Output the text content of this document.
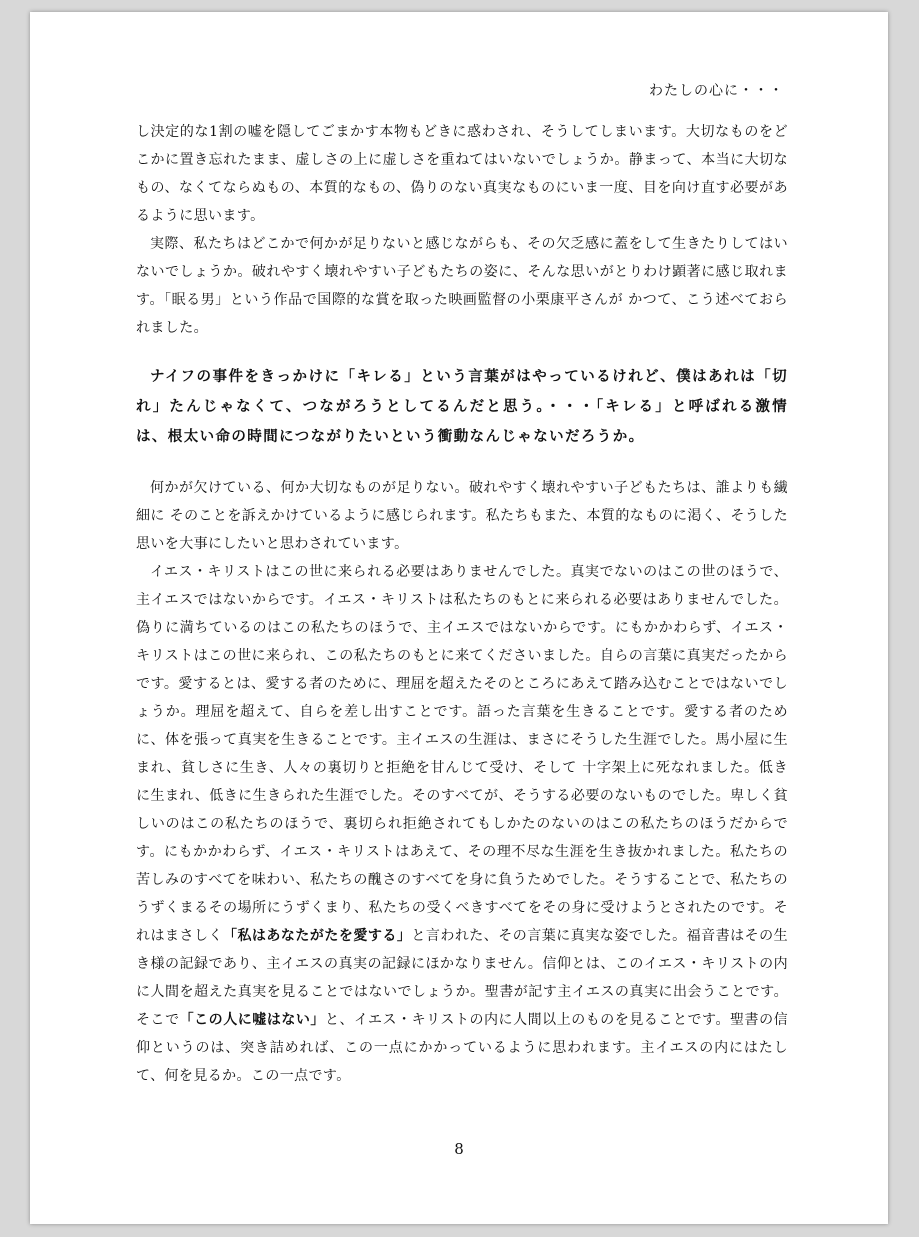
わたしの心に・・・

し決定的な1割の嘘を隠してごまかす本物もどきに惑わされ、そうしてしまいます。大切なものをどこかに置き忘れたまま、虚しさの上に虚しさを重ねてはいないでしょうか。静まって、本当に大切なもの、なくてならぬもの、本質的なもの、偽りのない真実なものにいま一度、目を向け直す必要があるように思います。

実際、私たちはどこかで何かが足りないと感じながらも、その欠乏感に蓋をして生きたりしてはいないでしょうか。破れやすく壊れやすい子どもたちの姿に、そんな思いがとりわけ顕著に感じ取れます。「眠る男」という作品で国際的な賞を取った映画監督の小栗康平さんが かつて、こう述べておられました。

ナイフの事件をきっかけに「キレる」という言葉がはやっているけれど、僕はあれは「切れ」たんじゃなくて、つながろうとしてるんだと思う。・・・「キレる」と呼ばれる激情は、根太い命の時間につながりたいという衝動なんじゃないだろうか。

何かが欠けている、何か大切なものが足りない。破れやすく壊れやすい子どもたちは、誰よりも繊細に そのことを訴えかけているように感じられます。私たちもまた、本質的なものに渇く、そうした思いを大事にしたいと思わされています。

イエス・キリストはこの世に来られる必要はありませんでした。真実でないのはこの世のほうで、主イエスではないからです。イエス・キリストは私たちのもとに来られる必要はありませんでした。偽りに満ちているのはこの私たちのほうで、主イエスではないからです。にもかかわらず、イエス・キリストはこの世に来られ、この私たちのもとに来てくださいました。自らの言葉に真実だったからです。愛するとは、愛する者のために、理屈を超えたそのところにあえて踏み込むことではないでしょうか。理屈を超えて、自らを差し出すことです。語った言葉を生きることです。愛する者のために、体を張って真実を生きることです。主イエスの生涯は、まさにそうした生涯でした。馬小屋に生まれ、貧しさに生き、人々の裏切りと拒絶を甘んじて受け、そして 十字架上に死なれました。低きに生まれ、低きに生きられた生涯でした。そのすべてが、そうする必要のないものでした。卑しく貧しいのはこの私たちのほうで、裏切られ拒絶されてもしかたのないのはこの私たちのほうだからです。にもかかわらず、イエス・キリストはあえて、その理不尽な生涯を生き抜かれました。私たちの苦しみのすべてを味わい、私たちの醜さのすべてを身に負うためでした。そうすることで、私たちのうずくまるその場所にうずくまり、私たちの受くべきすべてをその身に受けようとされたのです。それはまさしく「私はあなたがたを愛する」と言われた、その言葉に真実な姿でした。福音書はその生き様の記録であり、主イエスの真実の記録にほかなりません。信仰とは、このイエス・キリストの内に人間を超えた真実を見ることではないでしょうか。聖書が記す主イエスの真実に出会うことです。そこで「この人に嘘はない」と、イエス・キリストの内に人間以上のものを見ることです。聖書の信仰というのは、突き詰めれば、この一点にかかっているように思われます。主イエスの内にはたして、何を見るか。この一点です。

8
